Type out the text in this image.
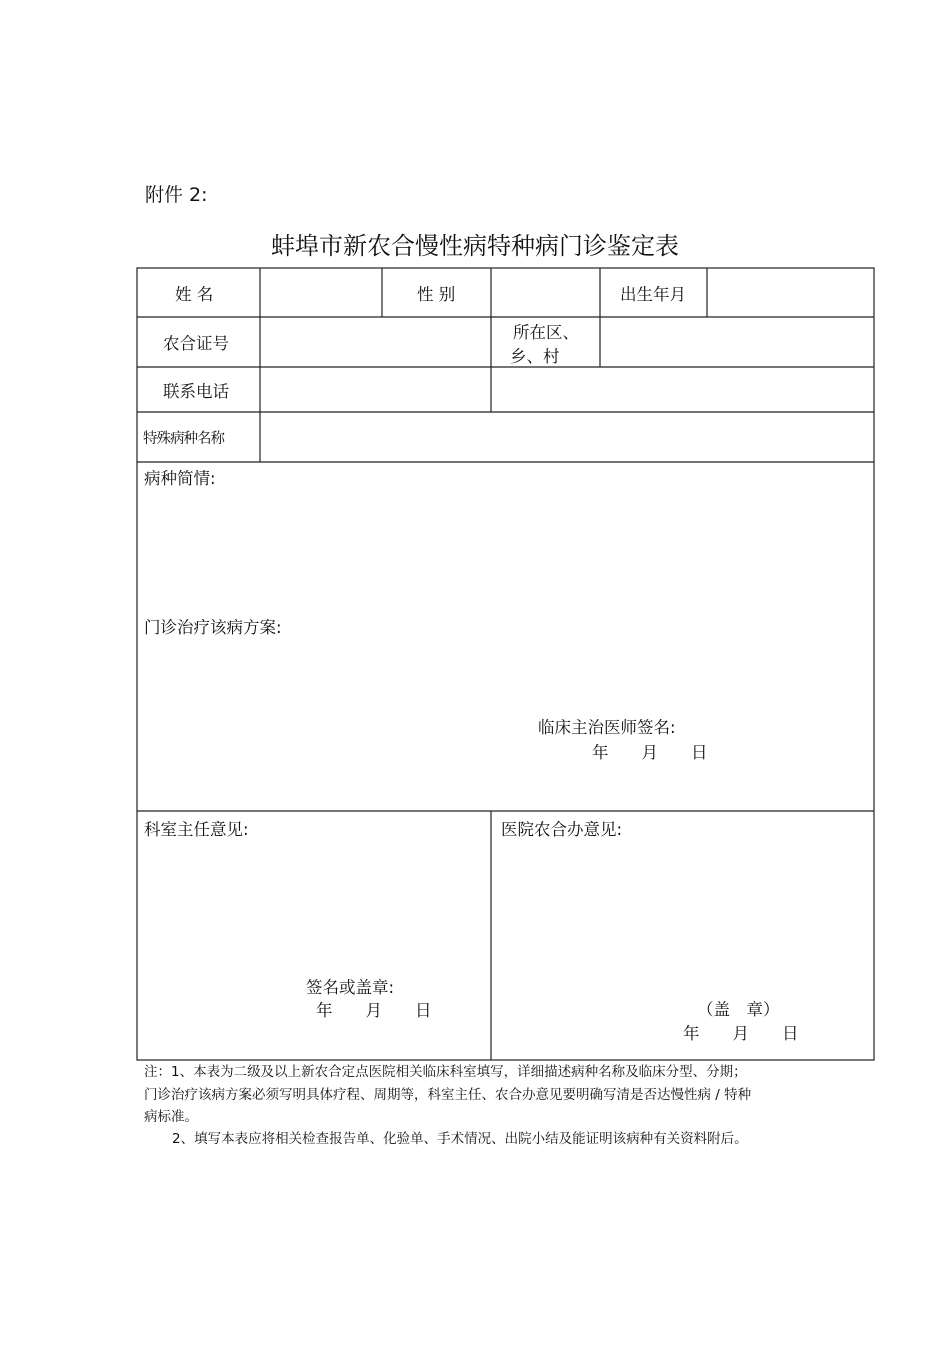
附件 2:
蚌埠市新农合慢性病特种病门诊鉴定表
姓 名	性 别	出生年月
农合证号
所在区、
乡、村
联系电话
特殊病种名称
病种简情:
门诊治疗该病方案:
临床主治医师签名:
年　　月　　日
科室主任意见:
签名或盖章:
年　　月　　日
医院农合办意见:
（盖　章）
年　　月　　日
注：1、本表为二级及以上新农合定点医院相关临床科室填写，详细描述病种名称及临床分型、分期；
门诊治疗该病方案必须写明具体疗程、周期等，科室主任、农合办意见要明确写清是否达慢性病 / 特种
病标准。
2、填写本表应将相关检查报告单、化验单、手术情况、出院小结及能证明该病种有关资料附后。
